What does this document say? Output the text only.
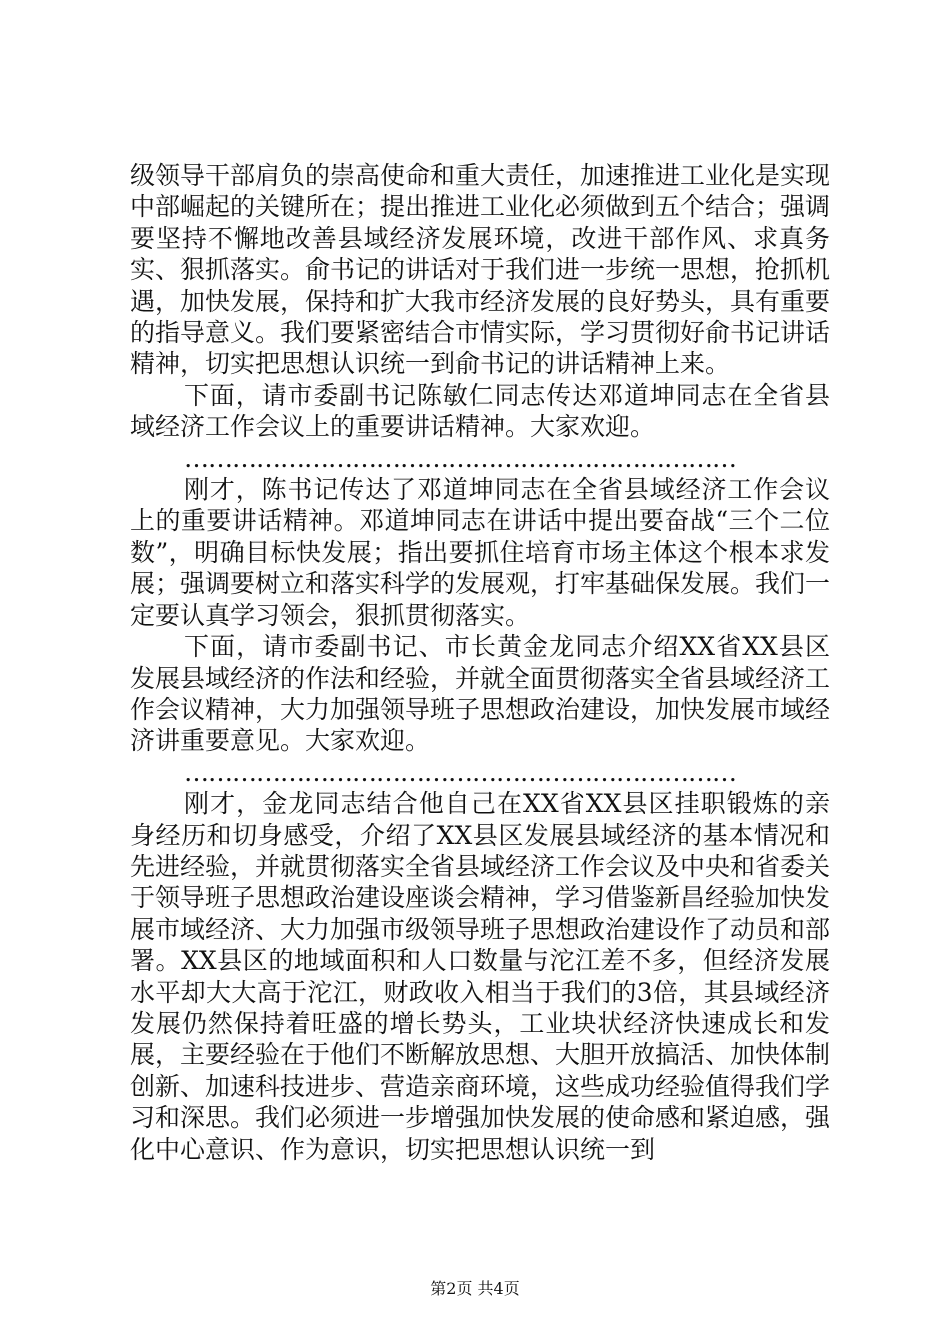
级领导干部肩负的崇高使命和重大责任，加速推进工业化是实现中部崛起的关键所在；提出推进工业化必须做到五个结合；强调要坚持不懈地改善县域经济发展环境，改进干部作风、求真务实、狠抓落实。俞书记的讲话对于我们进一步统一思想，抢抓机遇，加快发展，保持和扩大我市经济发展的良好势头，具有重要的指导意义。我们要紧密结合市情实际，学习贯彻好俞书记讲话精神，切实把思想认识统一到俞书记的讲话精神上来。

下面，请市委副书记陈敏仁同志传达邓道坤同志在全省县域经济工作会议上的重要讲话精神。大家欢迎。

……………………………………………………………

刚才，陈书记传达了邓道坤同志在全省县域经济工作会议上的重要讲话精神。邓道坤同志在讲话中提出要奋战“三个二位数”，明确目标快发展；指出要抓住培育市场主体这个根本求发展；强调要树立和落实科学的发展观，打牢基础保发展。我们一定要认真学习领会，狠抓贯彻落实。

下面，请市委副书记、市长黄金龙同志介绍XX省XX县区发展县域经济的作法和经验，并就全面贯彻落实全省县域经济工作会议精神，大力加强领导班子思想政治建设，加快发展市域经济讲重要意见。大家欢迎。

……………………………………………………………

刚才，金龙同志结合他自己在XX省XX县区挂职锻炼的亲身经历和切身感受，介绍了XX县区发展县域经济的基本情况和先进经验，并就贯彻落实全省县域经济工作会议及中央和省委关于领导班子思想政治建设座谈会精神，学习借鉴新昌经验加快发展市域经济、大力加强市级领导班子思想政治建设作了动员和部署。XX县区的地域面积和人口数量与沱江差不多，但经济发展水平却大大高于沱江，财政收入相当于我们的3倍，其县域经济发展仍然保持着旺盛的增长势头，工业块状经济快速成长和发展，主要经验在于他们不断解放思想、大胆开放搞活、加快体制创新、加速科技进步、营造亲商环境，这些成功经验值得我们学习和深思。我们必须进一步增强加快发展的使命感和紧迫感，强化中心意识、作为意识，切实把思想认识统一到

第2页 共4页
